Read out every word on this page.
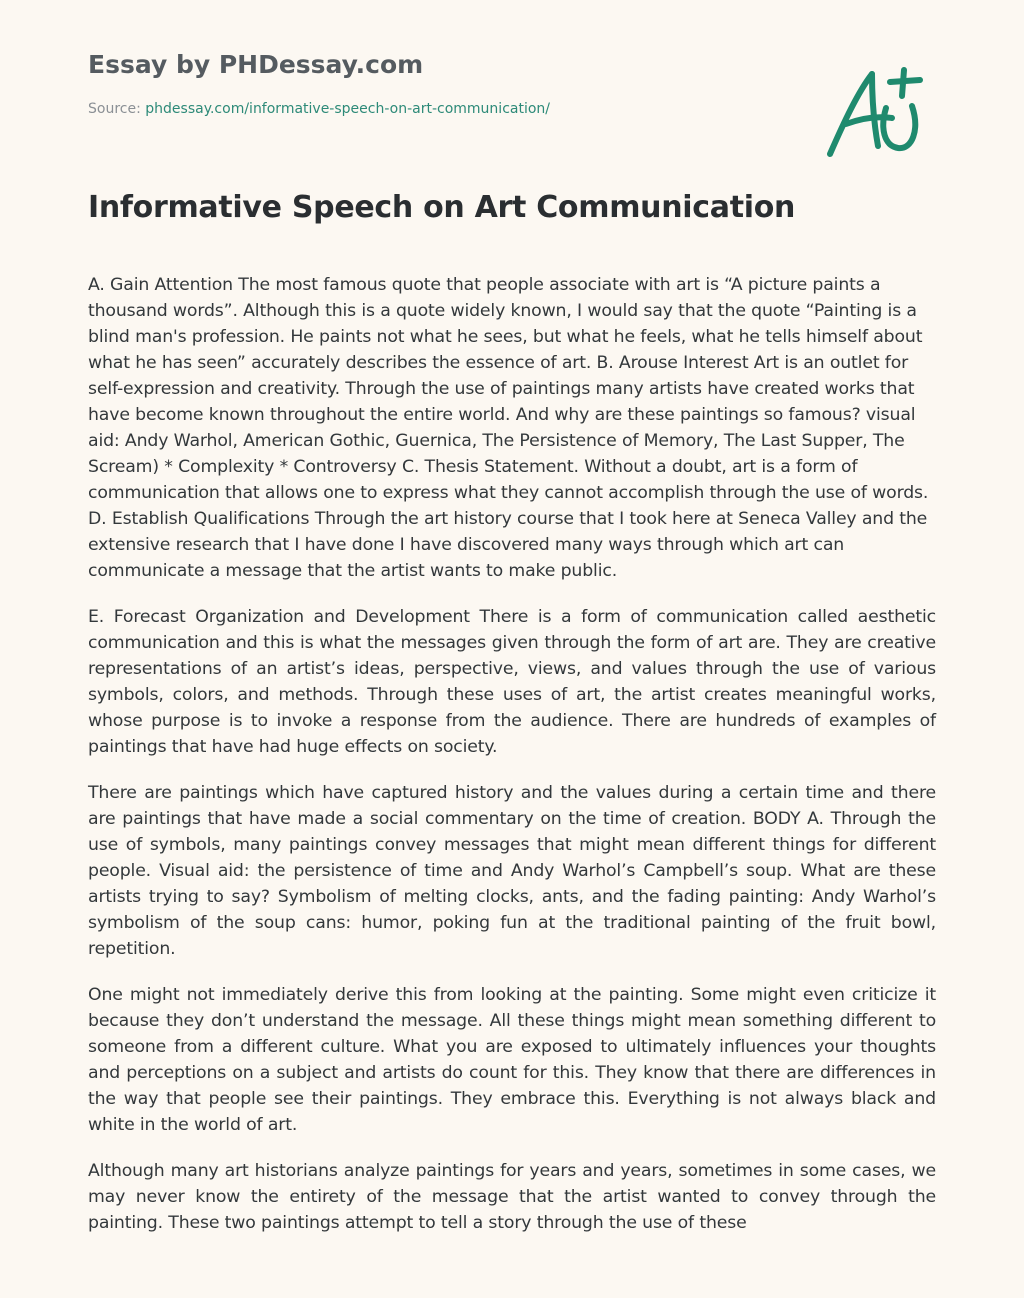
Essay by PHDessay.com
Source: phdessay.com/informative-speech-on-art-communication/
Informative Speech on Art Communication

A. Gain Attention The most famous quote that people associate with art is “A picture paints a thousand words”. Although this is a quote widely known, I would say that the quote “Painting is a blind man's profession. He paints not what he sees, but what he feels, what he tells himself about what he has seen” accurately describes the essence of art. B. Arouse Interest Art is an outlet for self-expression and creativity. Through the use of paintings many artists have created works that have become known throughout the entire world. And why are these paintings so famous? visual aid: Andy Warhol, American Gothic, Guernica, The Persistence of Memory, The Last Supper, The Scream) * Complexity * Controversy C. Thesis Statement. Without a doubt, art is a form of communication that allows one to express what they cannot accomplish through the use of words. D. Establish Qualifications Through the art history course that I took here at Seneca Valley and the extensive research that I have done I have discovered many ways through which art can communicate a message that the artist wants to make public.

E. Forecast Organization and Development There is a form of communication called aesthetic communication and this is what the messages given through the form of art are. They are creative representations of an artist’s ideas, perspective, views, and values through the use of various symbols, colors, and methods. Through these uses of art, the artist creates meaningful works, whose purpose is to invoke a response from the audience. There are hundreds of examples of paintings that have had huge effects on society.

There are paintings which have captured history and the values during a certain time and there are paintings that have made a social commentary on the time of creation. BODY A. Through the use of symbols, many paintings convey messages that might mean different things for different people. Visual aid: the persistence of time and Andy Warhol’s Campbell’s soup. What are these artists trying to say? Symbolism of melting clocks, ants, and the fading painting: Andy Warhol’s symbolism of the soup cans: humor, poking fun at the traditional painting of the fruit bowl, repetition.

One might not immediately derive this from looking at the painting. Some might even criticize it because they don’t understand the message. All these things might mean something different to someone from a different culture. What you are exposed to ultimately influences your thoughts and perceptions on a subject and artists do count for this. They know that there are differences in the way that people see their paintings. They embrace this. Everything is not always black and white in the world of art.

Although many art historians analyze paintings for years and years, sometimes in some cases, we may never know the entirety of the message that the artist wanted to convey through the painting. These two paintings attempt to tell a story through the use of these
